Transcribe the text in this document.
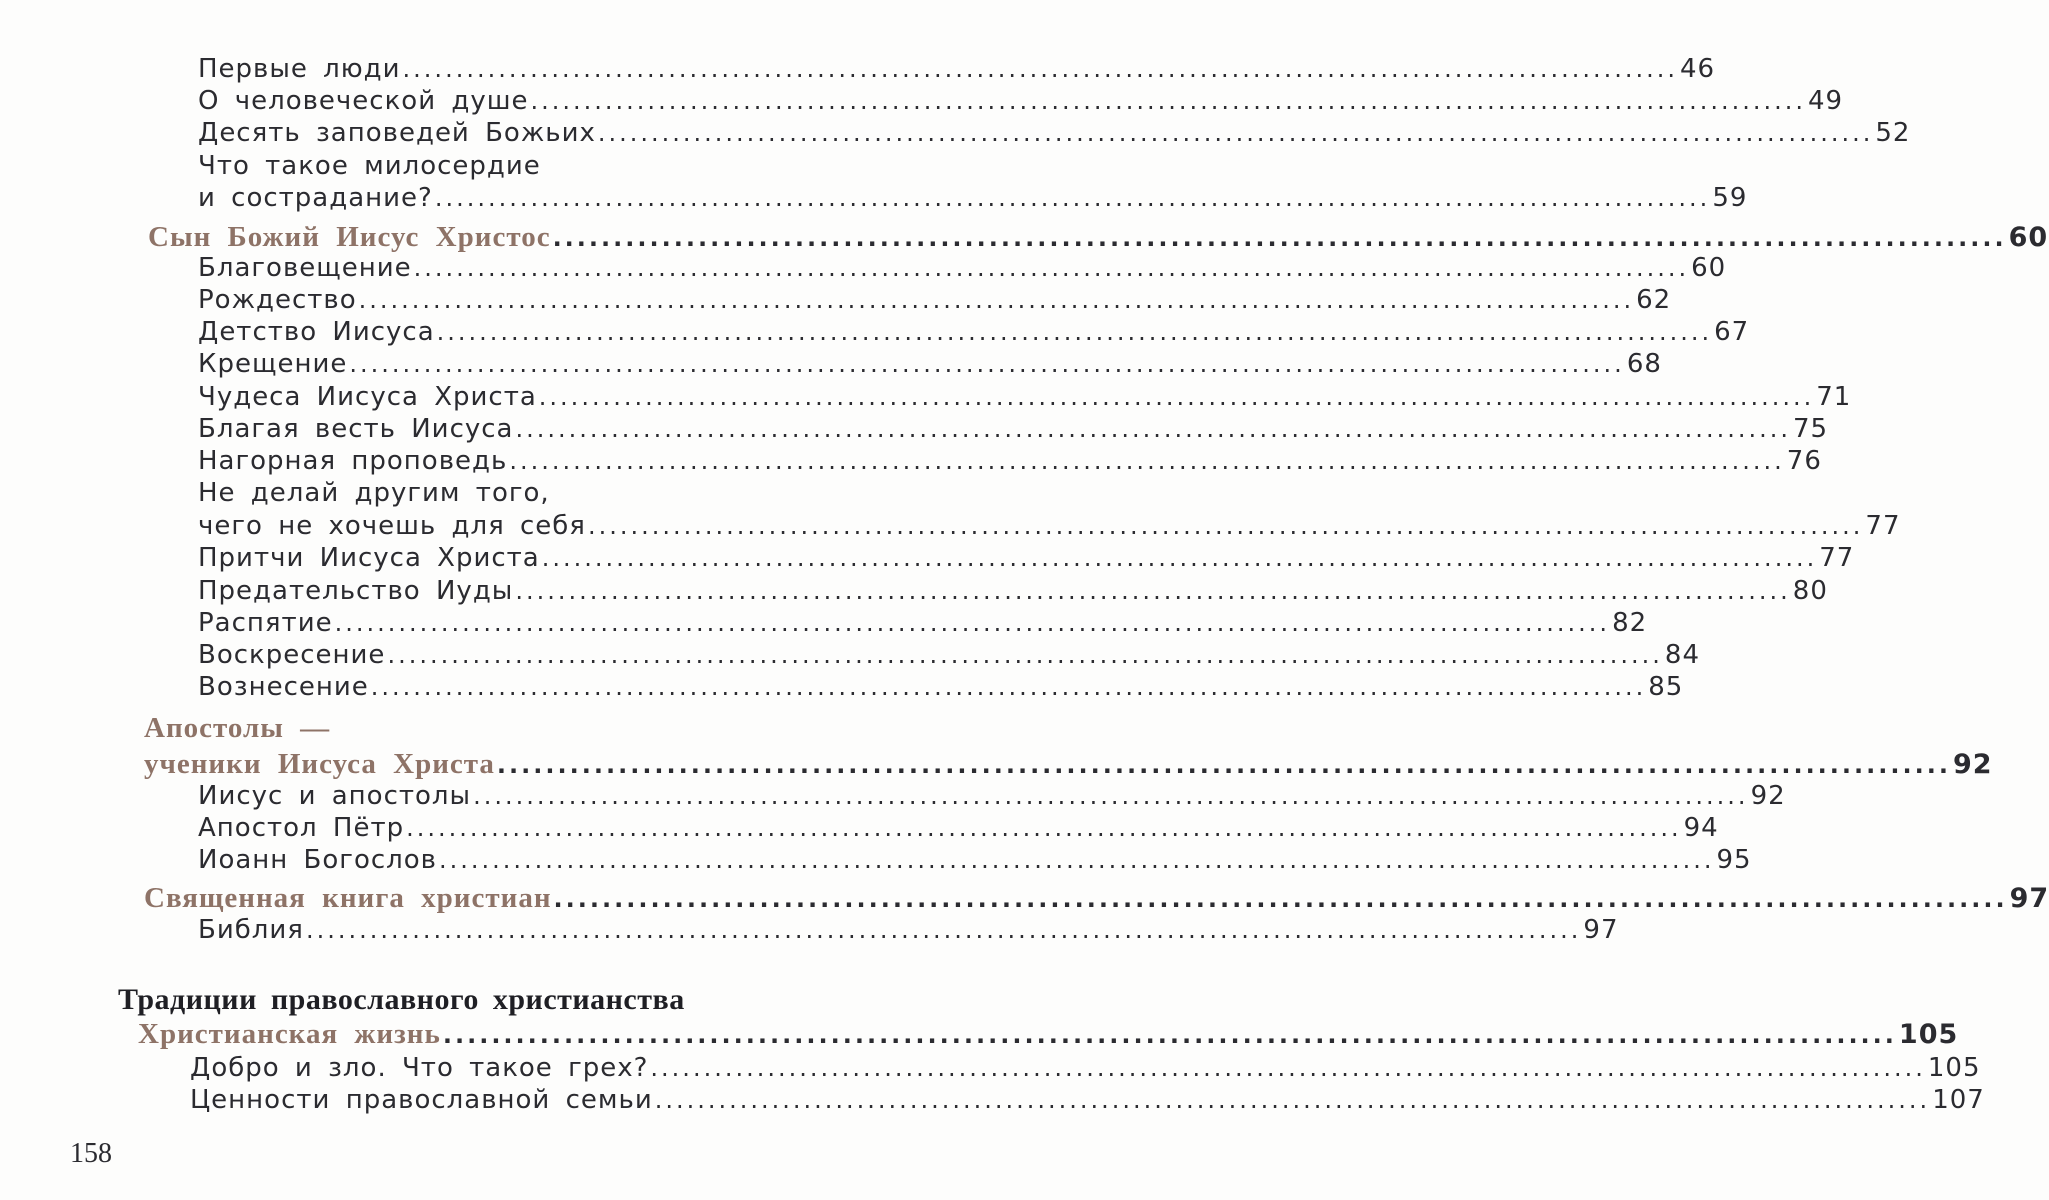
Первые люди ........................................................................................................................ 46
О человеческой душе ........................................................................................................................ 49
Десять заповедей Божьих ........................................................................................................................ 52
Что такое милосердие
и сострадание? ........................................................................................................................ 59
Сын Божий Иисус Христос ........................................................................................................................ 60
Благовещение ........................................................................................................................ 60
Рождество ........................................................................................................................ 62
Детство Иисуса ........................................................................................................................ 67
Крещение ........................................................................................................................ 68
Чудеса Иисуса Христа ........................................................................................................................ 71
Благая весть Иисуса ........................................................................................................................ 75
Нагорная проповедь ........................................................................................................................ 76
Не делай другим того,
чего не хочешь для себя ........................................................................................................................ 77
Притчи Иисуса Христа ........................................................................................................................ 77
Предательство Иуды ........................................................................................................................ 80
Распятие ........................................................................................................................ 82
Воскресение ........................................................................................................................ 84
Вознесение ........................................................................................................................ 85
Апостолы —
ученики Иисуса Христа ........................................................................................................................ 92
Иисус и апостолы ........................................................................................................................ 92
Апостол Пётр ........................................................................................................................ 94
Иоанн Богослов ........................................................................................................................ 95
Священная книга христиан ........................................................................................................................ 97
Библия ........................................................................................................................ 97
Традиции православного христианства
Христианская жизнь ........................................................................................................................ 105
Добро и зло. Что такое грех? ........................................................................................................................ 105
Ценности православной семьи ........................................................................................................................ 107
158
